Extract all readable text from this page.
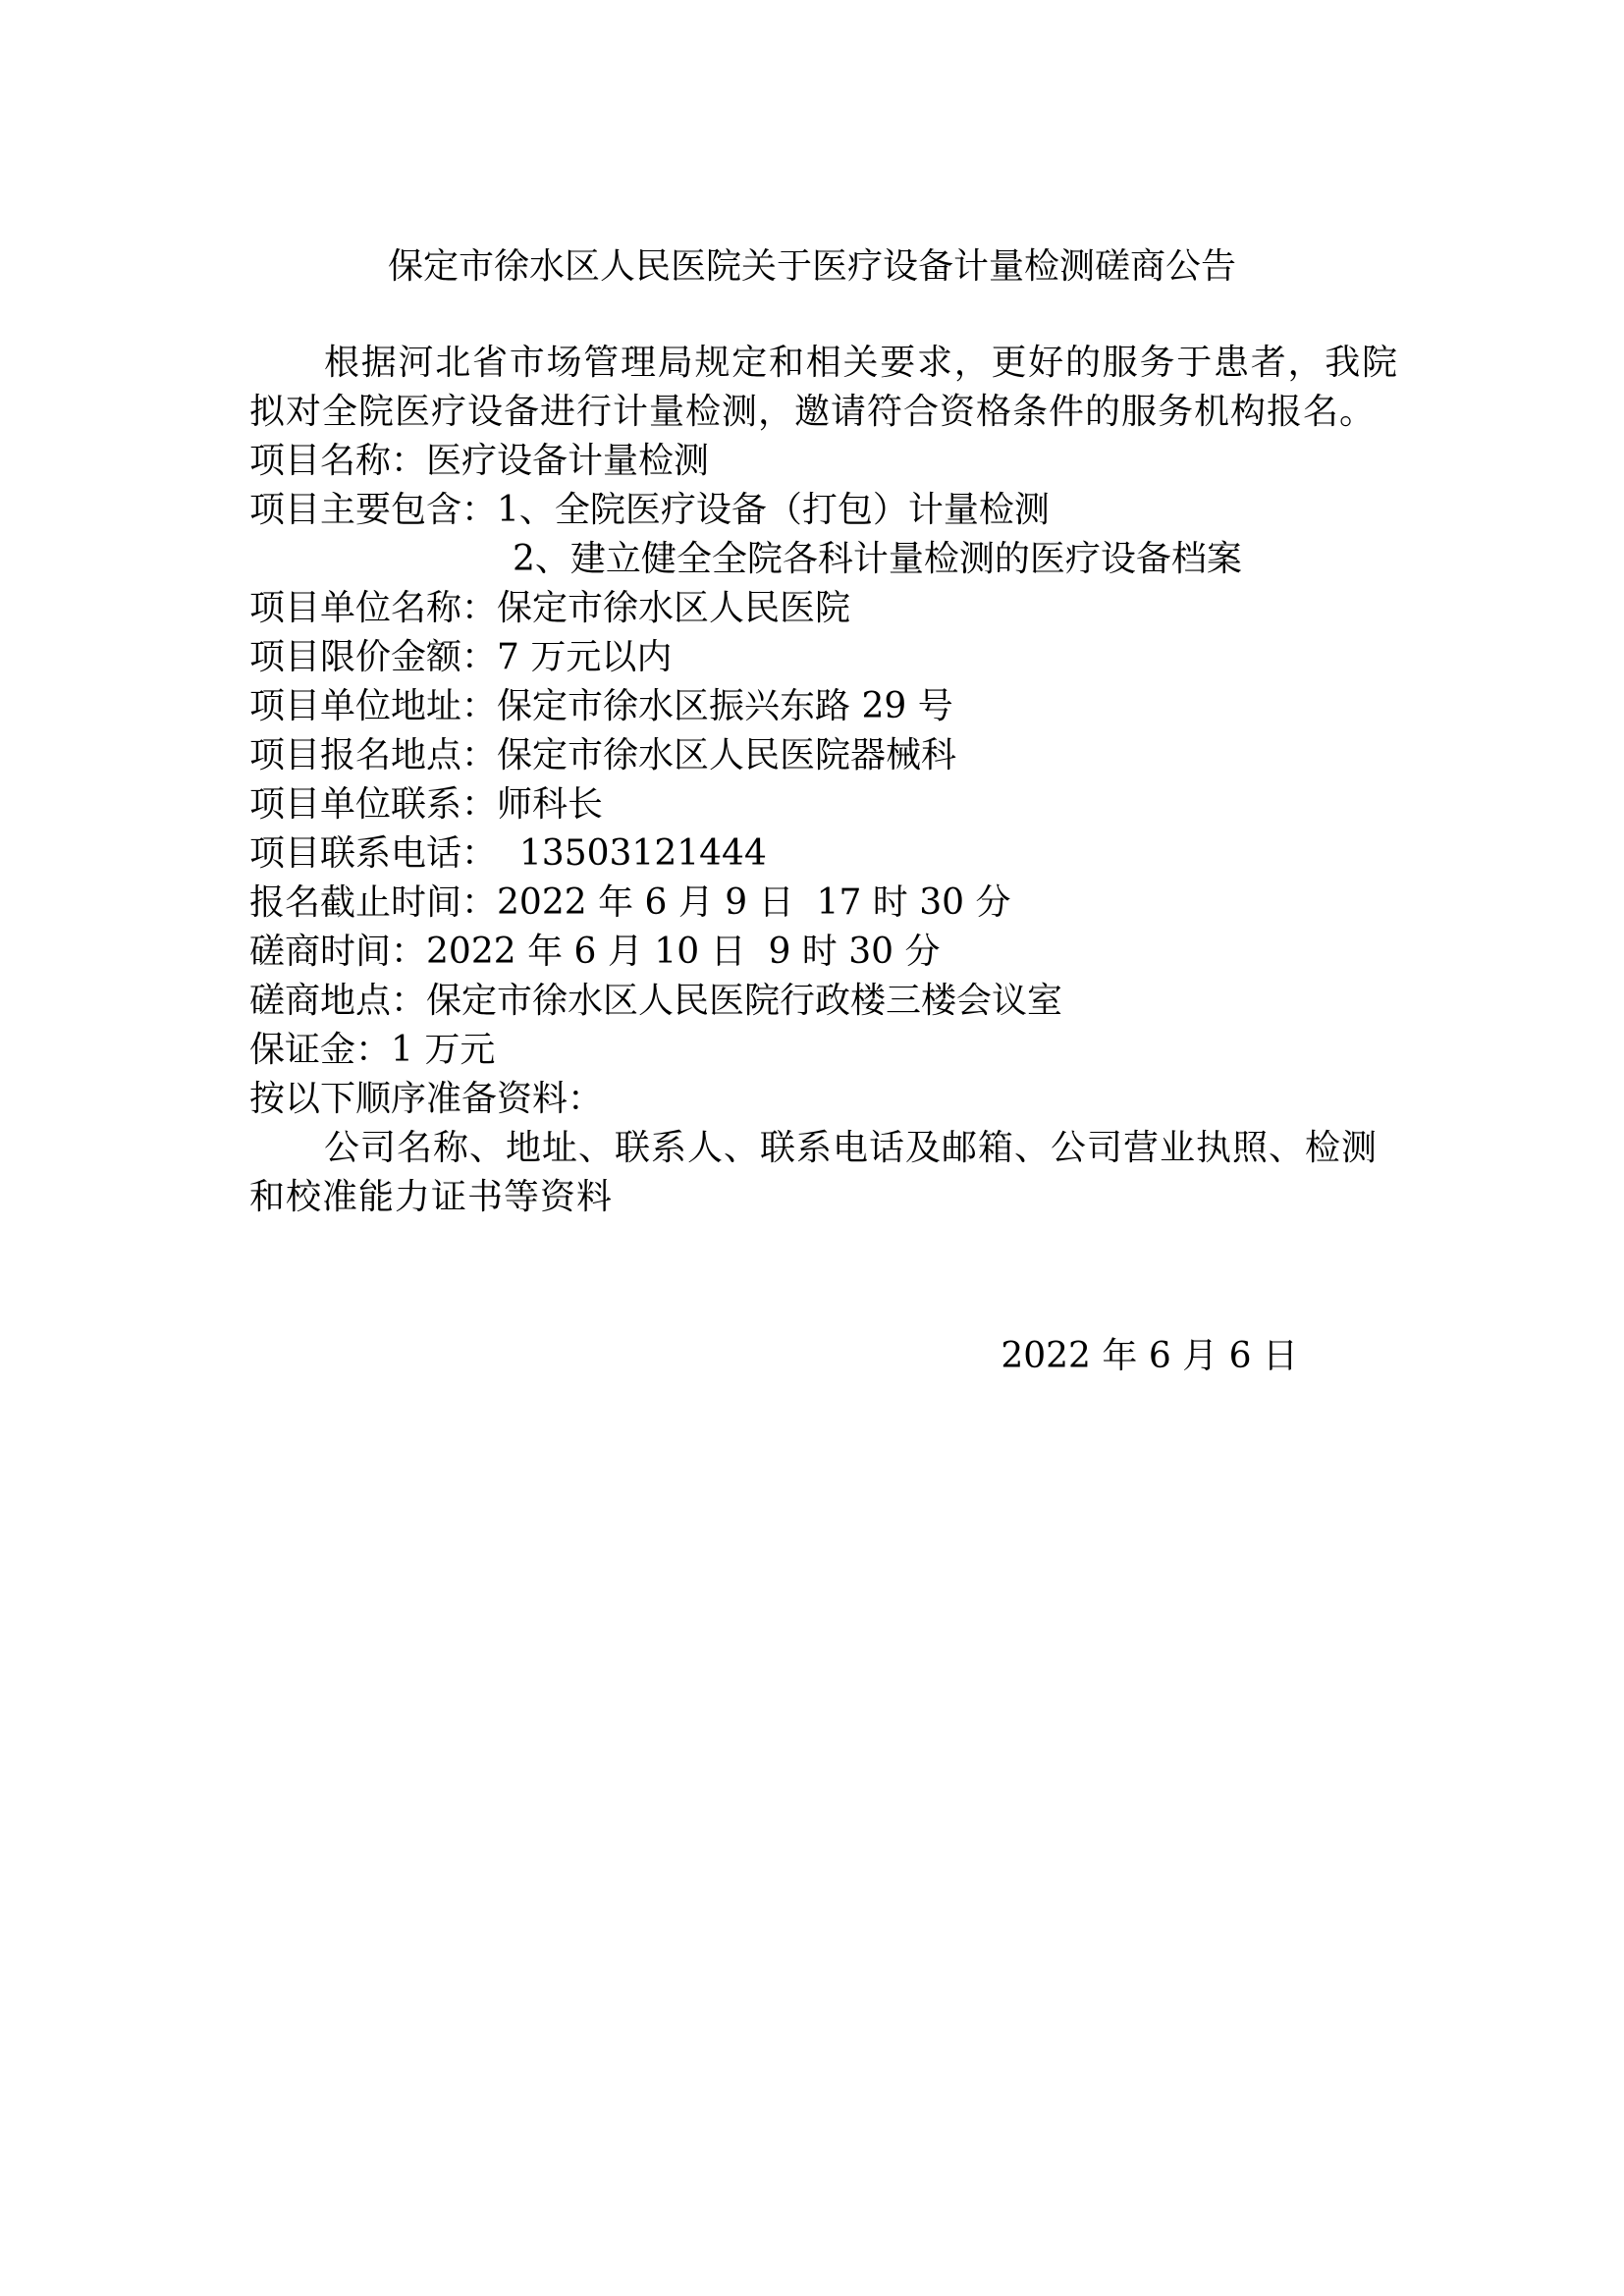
保定市徐水区人民医院关于医疗设备计量检测磋商公告

根据河北省市场管理局规定和相关要求，更好的服务于患者，我院拟对全院医疗设备进行计量检测，邀请符合资格条件的服务机构报名。

项目名称：医疗设备计量检测
项目主要包含：1、全院医疗设备（打包）计量检测
2、建立健全全院各科计量检测的医疗设备档案
项目单位名称：保定市徐水区人民医院
项目限价金额：7 万元以内
项目单位地址：保定市徐水区振兴东路 29 号
项目报名地点：保定市徐水区人民医院器械科
项目单位联系：师科长
项目联系电话：  13503121444
报名截止时间：2022 年 6 月 9 日  17 时 30 分
磋商时间：2022 年 6 月 10 日  9 时 30 分
磋商地点：保定市徐水区人民医院行政楼三楼会议室
保证金：1 万元
按以下顺序准备资料：

公司名称、地址、联系人、联系电话及邮箱、公司营业执照、检测和校准能力证书等资料

2022 年 6 月 6 日
